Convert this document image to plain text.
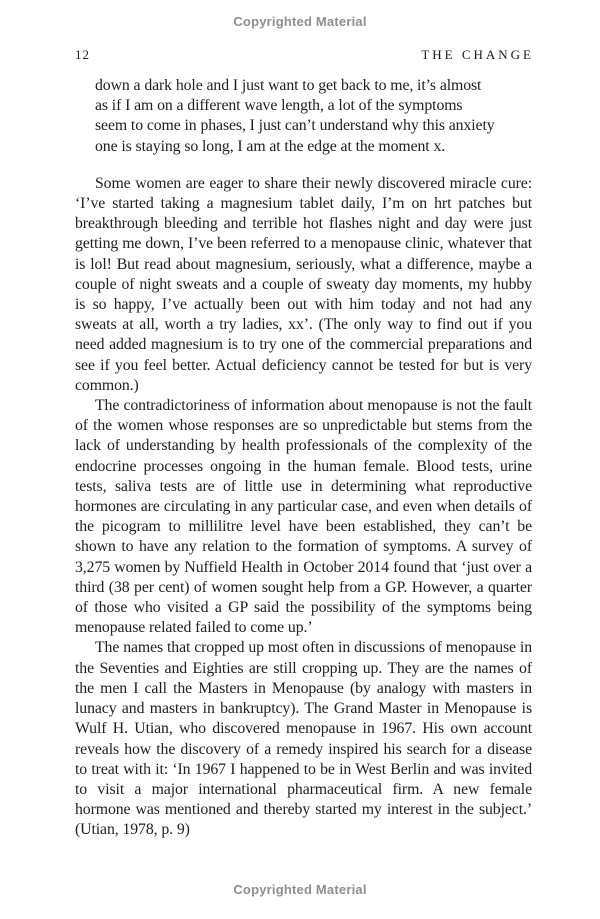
Copyrighted Material
12	THE CHANGE
down a dark hole and I just want to get back to me, it’s almost as if I am on a different wave length, a lot of the symptoms seem to come in phases, I just can’t understand why this anxiety one is staying so long, I am at the edge at the moment x.

Some women are eager to share their newly discovered miracle cure: ‘I’ve started taking a magnesium tablet daily, I’m on hrt patches but breakthrough bleeding and terrible hot flashes night and day were just getting me down, I’ve been referred to a menopause clinic, whatever that is lol! But read about magnesium, seriously, what a difference, maybe a couple of night sweats and a couple of sweaty day moments, my hubby is so happy, I’ve actually been out with him today and not had any sweats at all, worth a try ladies, xx’. (The only way to find out if you need added magnesium is to try one of the commercial preparations and see if you feel better. Actual deficiency cannot be tested for but is very common.)

The contradictoriness of information about menopause is not the fault of the women whose responses are so unpredictable but stems from the lack of understanding by health professionals of the complexity of the endocrine processes ongoing in the human female. Blood tests, urine tests, saliva tests are of little use in determining what reproductive hormones are circulating in any particular case, and even when details of the picogram to millilitre level have been established, they can’t be shown to have any relation to the formation of symptoms. A survey of 3,275 women by Nuffield Health in October 2014 found that ‘just over a third (38 per cent) of women sought help from a GP. However, a quarter of those who visited a GP said the possibility of the symptoms being menopause related failed to come up.’

The names that cropped up most often in discussions of menopause in the Seventies and Eighties are still cropping up. They are the names of the men I call the Masters in Menopause (by analogy with masters in lunacy and masters in bankruptcy). The Grand Master in Menopause is Wulf H. Utian, who discovered menopause in 1967. His own account reveals how the discovery of a remedy inspired his search for a disease to treat with it: ‘In 1967 I happened to be in West Berlin and was invited to visit a major international pharmaceutical firm. A new female hormone was mentioned and thereby started my interest in the subject.’ (Utian, 1978, p. 9)

Copyrighted Material
